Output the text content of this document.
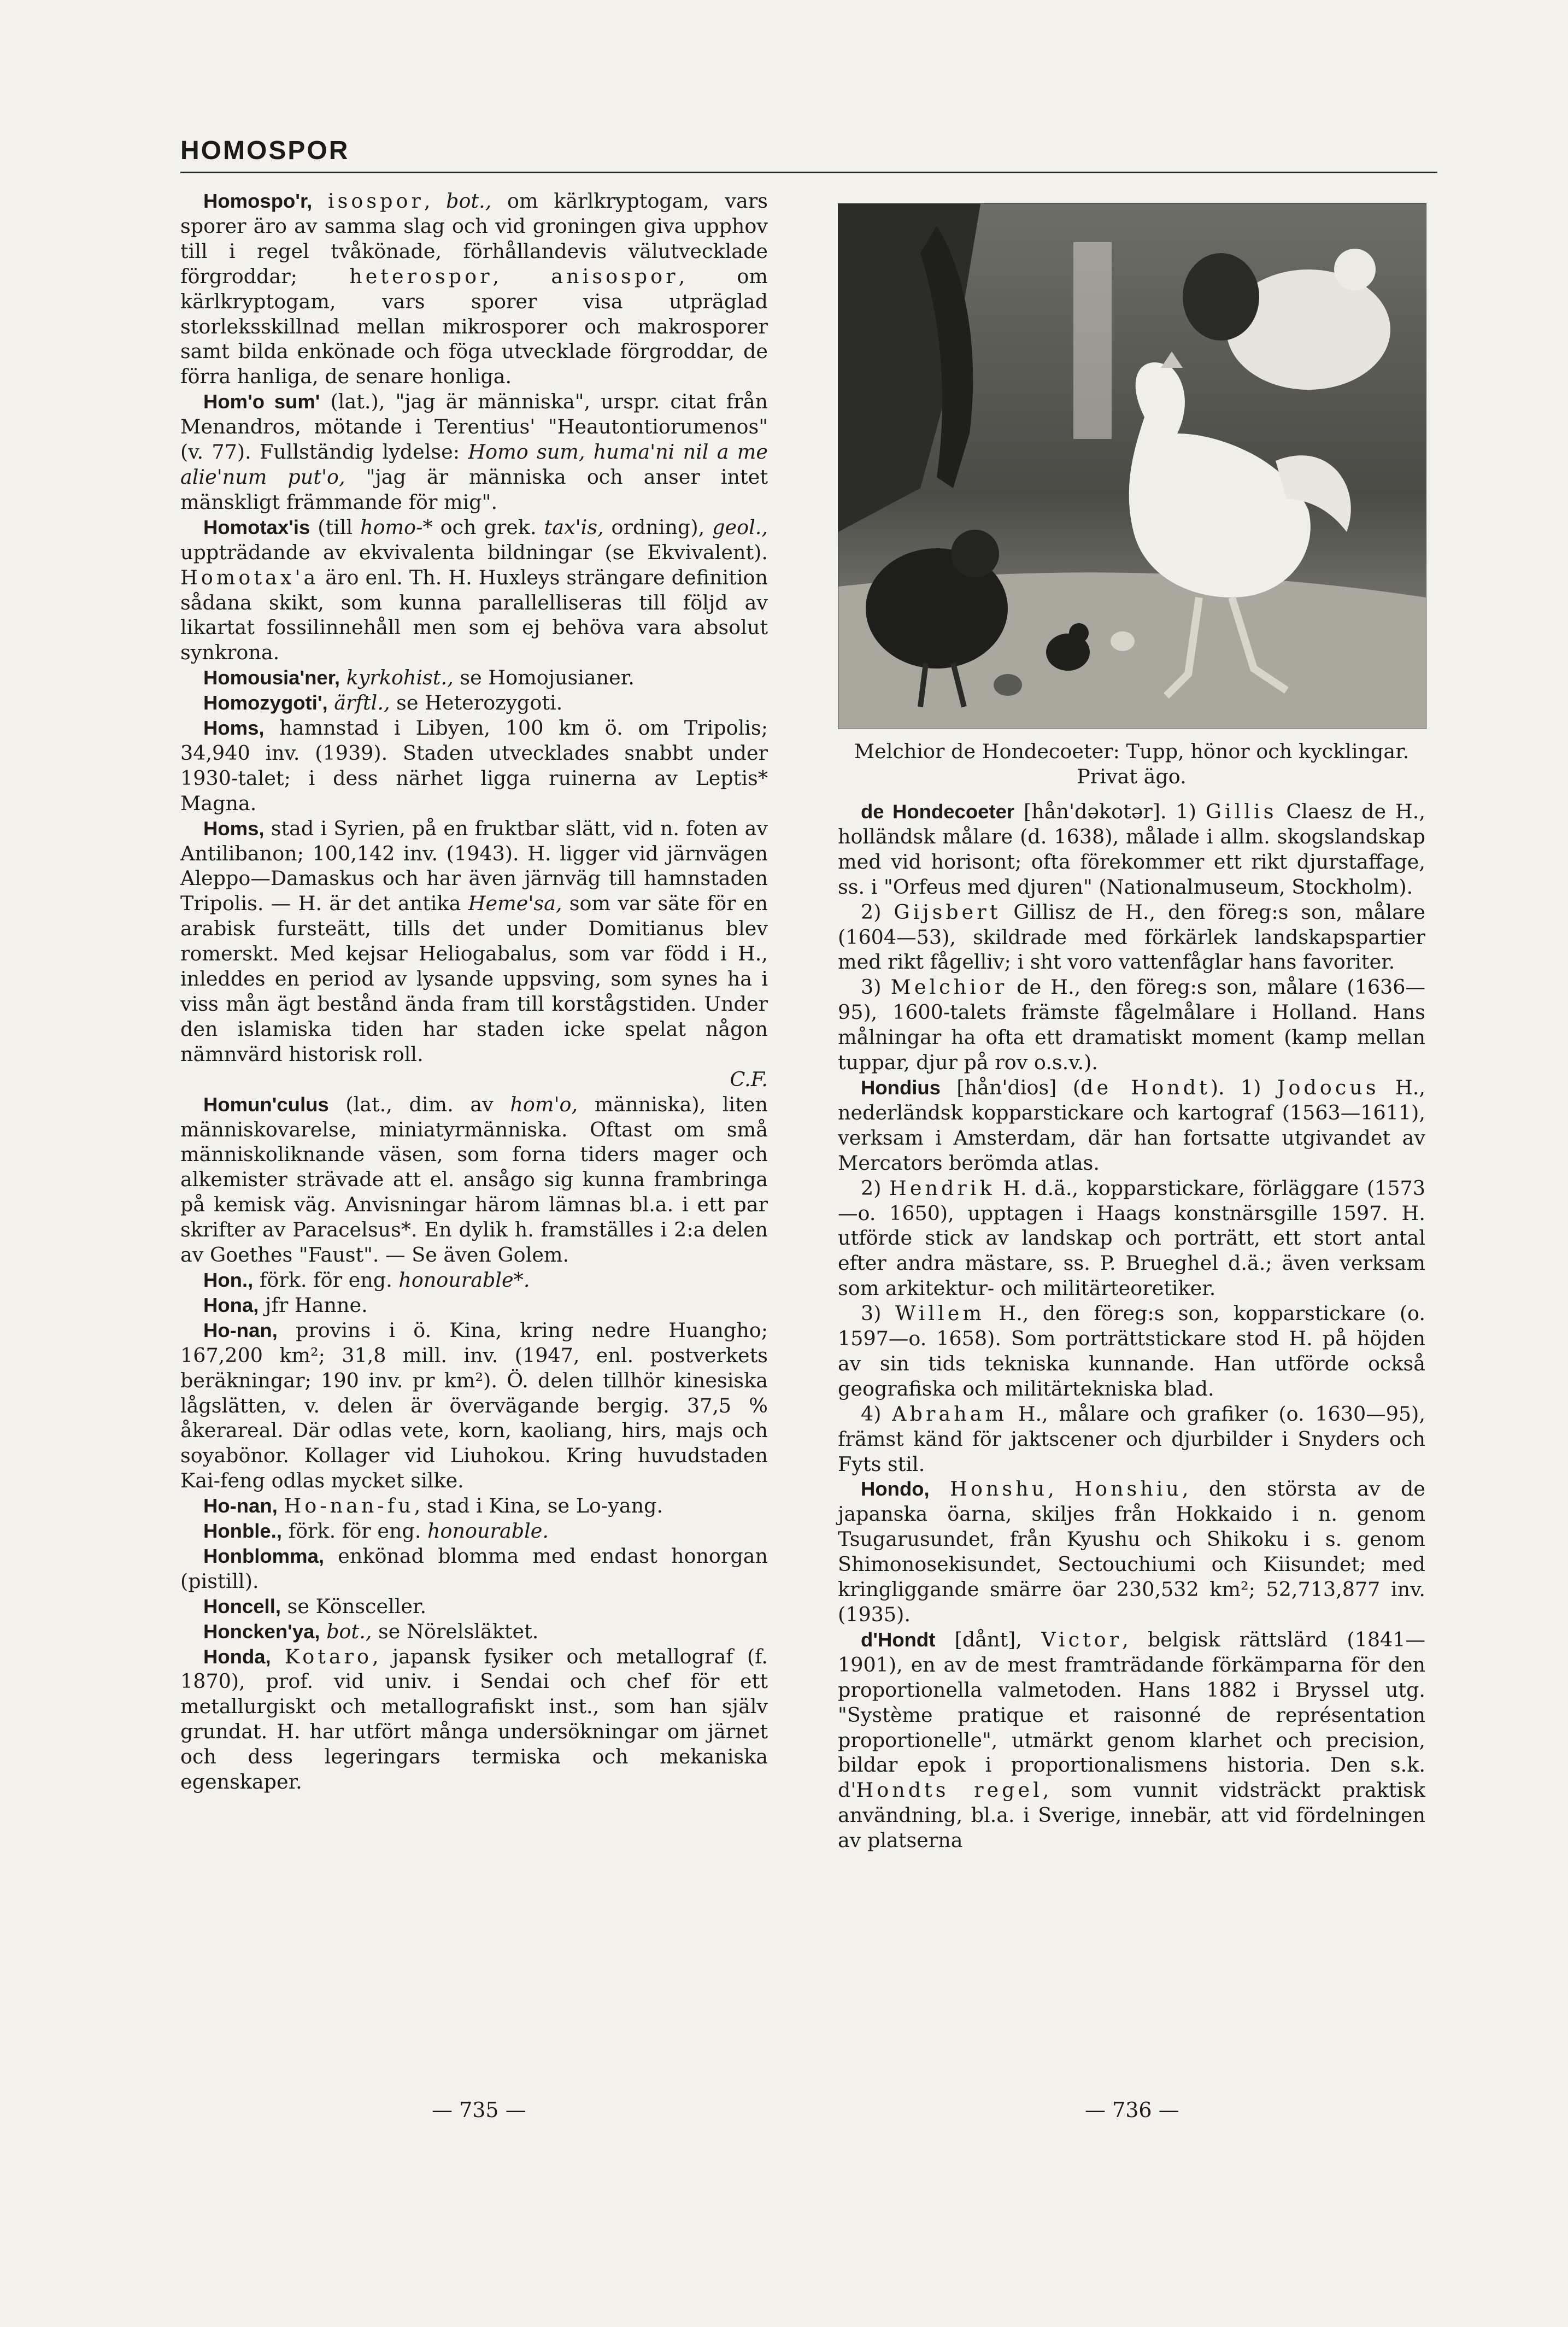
HOMOSPOR

Homospo'r, isospor, bot., om kärlkryptogam, vars sporer äro av samma slag och vid groningen giva upphov till i regel tvåkönade, förhållandevis välutvecklade förgroddar; heterospor, anisospor, om kärlkryptogam, vars sporer visa utpräglad storleksskillnad mellan mikrosporer och makrosporer samt bilda enkönade och föga utvecklade förgroddar, de förra hanliga, de senare honliga.

Hom'o sum' (lat.), "jag är människa", urspr. citat från Menandros, mötande i Terentius' "Heautontiorumenos" (v. 77). Fullständig lydelse: Homo sum, huma'ni nil a me alie'num put'o, "jag är människa och anser intet mänskligt främmande för mig".

Homotax'is (till homo-* och grek. tax'is, ordning), geol., uppträdande av ekvivalenta bildningar (se Ekvivalent). Homotax'a äro enl. Th. H. Huxleys strängare definition sådana skikt, som kunna parallelliseras till följd av likartat fossilinnehåll men som ej behöva vara absolut synkrona.

Homousia'ner, kyrkohist., se Homojusianer.

Homozygoti', ärftl., se Heterozygoti.

Homs, hamnstad i Libyen, 100 km ö. om Tripolis; 34,940 inv. (1939). Staden utvecklades snabbt under 1930-talet; i dess närhet ligga ruinerna av Leptis* Magna.

Homs, stad i Syrien, på en fruktbar slätt, vid n. foten av Antilibanon; 100,142 inv. (1943). H. ligger vid järnvägen Aleppo—Damaskus och har även järnväg till hamnstaden Tripolis. — H. är det antika Heme'sa, som var säte för en arabisk fursteätt, tills det under Domitianus blev romerskt. Med kejsar Heliogabalus, som var född i H., inleddes en period av lysande uppsving, som synes ha i viss mån ägt bestånd ända fram till korstågstiden. Under den islamiska tiden har staden icke spelat någon nämnvärd historisk roll.
C.F.

Homun'culus (lat., dim. av hom'o, människa), liten människovarelse, miniatyrmänniska. Oftast om små människoliknande väsen, som forna tiders mager och alkemister strävade att el. ansågo sig kunna frambringa på kemisk väg. Anvisningar härom lämnas bl.a. i ett par skrifter av Paracelsus*. En dylik h. framställes i 2:a delen av Goethes "Faust". — Se även Golem.

Hon., förk. för eng. honourable*.

Hona, jfr Hanne.

Ho-nan, provins i ö. Kina, kring nedre Huangho; 167,200 km²; 31,8 mill. inv. (1947, enl. postverkets beräkningar; 190 inv. pr km²). Ö. delen tillhör kinesiska lågslätten, v. delen är övervägande bergig. 37,5 % åkerareal. Där odlas vete, korn, kaoliang, hirs, majs och soyabönor. Kollager vid Liuhokou. Kring huvudstaden Kai-feng odlas mycket silke.

Ho-nan, Ho-nan-fu, stad i Kina, se Lo-yang.

Honble., förk. för eng. honourable.

Honblomma, enkönad blomma med endast honorgan (pistill).

Honcell, se Könsceller.

Honcken'ya, bot., se Nörelsläktet.

Honda, Kotaro, japansk fysiker och metallograf (f. 1870), prof. vid univ. i Sendai och chef för ett metallurgiskt och metallografiskt inst., som han själv grundat. H. har utfört många undersökningar om järnet och dess legeringars termiska och mekaniska egenskaper.

Melchior de Hondecoeter: Tupp, hönor och kycklingar.
Privat ägo.

de Hondecoeter [hån'dəkotər]. 1) Gillis Claesz de H., holländsk målare (d. 1638), målade i allm. skogslandskap med vid horisont; ofta förekommer ett rikt djurstaffage, ss. i "Orfeus med djuren" (Nationalmuseum, Stockholm).

2) Gijsbert Gillisz de H., den föreg:s son, målare (1604—53), skildrade med förkärlek landskapspartier med rikt fågelliv; i sht voro vattenfåglar hans favoriter.

3) Melchior de H., den föreg:s son, målare (1636—95), 1600-talets främste fågelmålare i Holland. Hans målningar ha ofta ett dramatiskt moment (kamp mellan tuppar, djur på rov o.s.v.).

Hondius [hån'dios] (de Hondt). 1) Jodocus H., nederländsk kopparstickare och kartograf (1563—1611), verksam i Amsterdam, där han fortsatte utgivandet av Mercators berömda atlas.

2) Hendrik H. d.ä., kopparstickare, förläggare (1573—o. 1650), upptagen i Haags konstnärsgille 1597. H. utförde stick av landskap och porträtt, ett stort antal efter andra mästare, ss. P. Brueghel d.ä.; även verksam som arkitektur- och militärteoretiker.

3) Willem H., den föreg:s son, kopparstickare (o. 1597—o. 1658). Som porträttstickare stod H. på höjden av sin tids tekniska kunnande. Han utförde också geografiska och militärtekniska blad.

4) Abraham H., målare och grafiker (o. 1630—95), främst känd för jaktscener och djurbilder i Snyders och Fyts stil.

Hondo, Honshu, Honshiu, den största av de japanska öarna, skiljes från Hokkaido i n. genom Tsugarusundet, från Kyushu och Shikoku i s. genom Shimonosekisundet, Sectouchiumi och Kiisundet; med kringliggande smärre öar 230,532 km²; 52,713,877 inv. (1935).

d'Hondt [dånt], Victor, belgisk rättslärd (1841—1901), en av de mest framträdande förkämparna för den proportionella valmetoden. Hans 1882 i Bryssel utg. "Système pratique et raisonné de représentation proportionelle", utmärkt genom klarhet och precision, bildar epok i proportionalismens historia. Den s.k. d'Hondts regel, som vunnit vidsträckt praktisk användning, bl.a. i Sverige, innebär, att vid fördelningen av platserna

— 735 —	— 736 —
